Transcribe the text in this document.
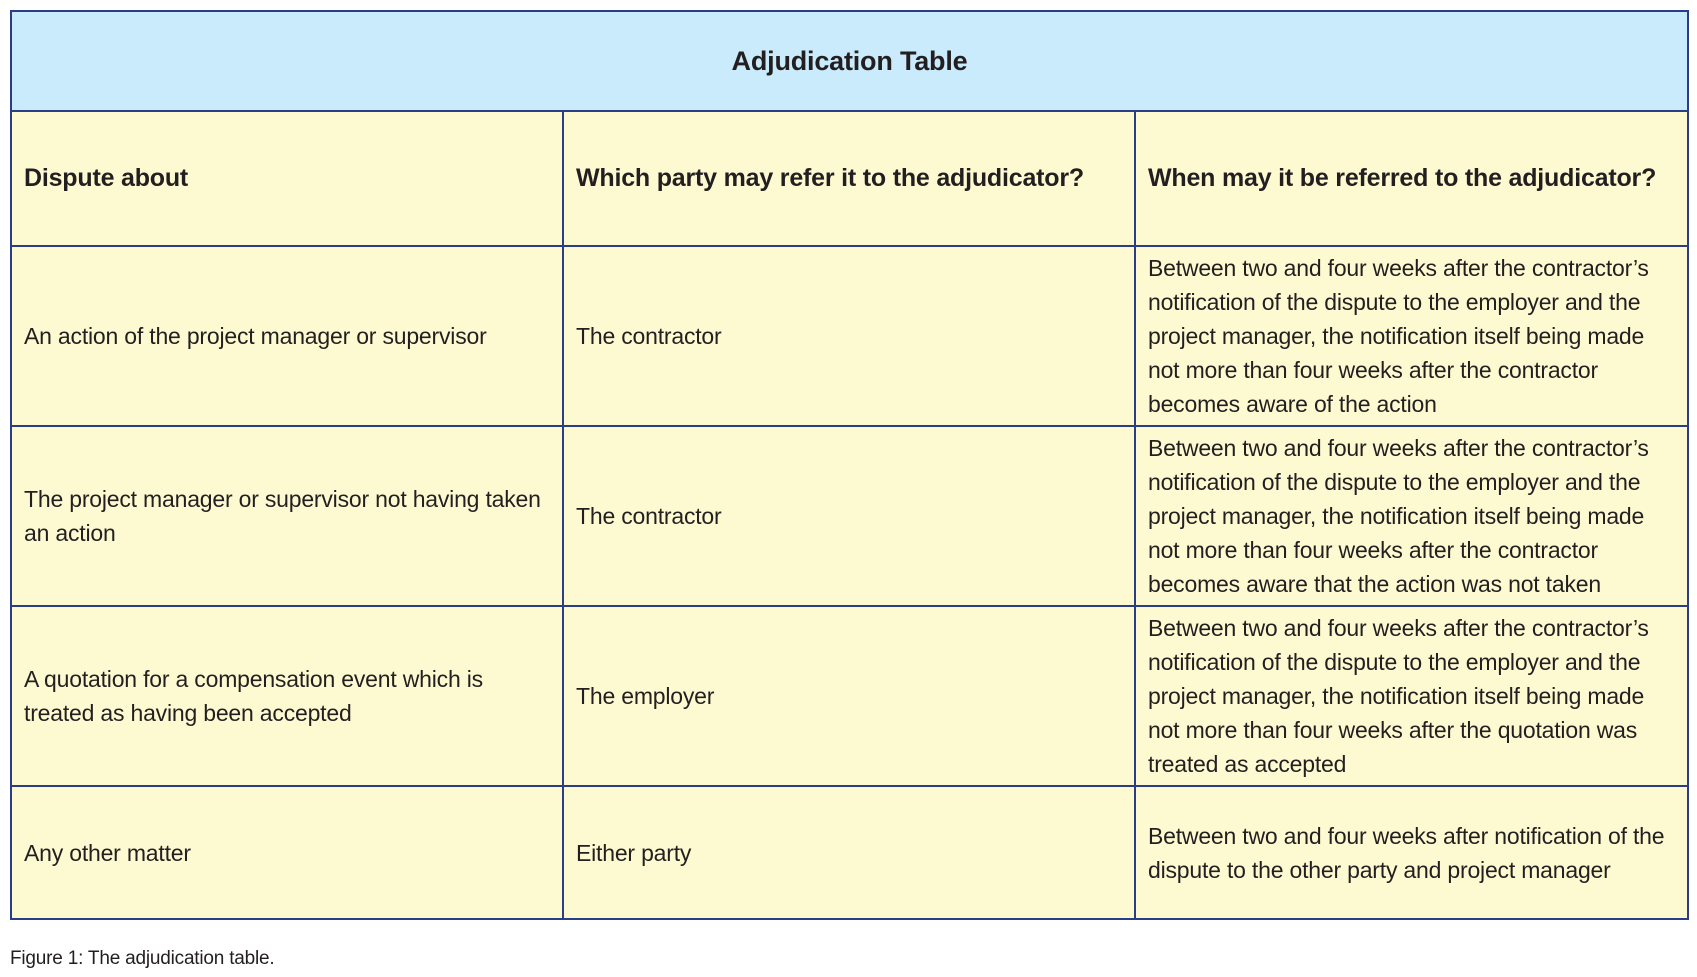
Adjudication Table		
Dispute about	Which party may refer it to the adjudicator?	When may it be referred to the adjudicator?
An action of the project manager or supervisor	The contractor	Between two and four weeks after the contractor’s notification of the dispute to the employer and the project manager, the notification itself being made not more than four weeks after the contractor becomes aware of the action
The project manager or supervisor not having taken an action	The contractor	Between two and four weeks after the contractor’s notification of the dispute to the employer and the project manager, the notification itself being made not more than four weeks after the contractor becomes aware that the action was not taken
A quotation for a compensation event which is treated as having been accepted	The employer	Between two and four weeks after the contractor’s notification of the dispute to the employer and the project manager, the notification itself being made not more than four weeks after the quotation was treated as accepted
Any other matter	Either party	Between two and four weeks after notification of the dispute to the other party and project manager
Figure 1: The adjudication table.
